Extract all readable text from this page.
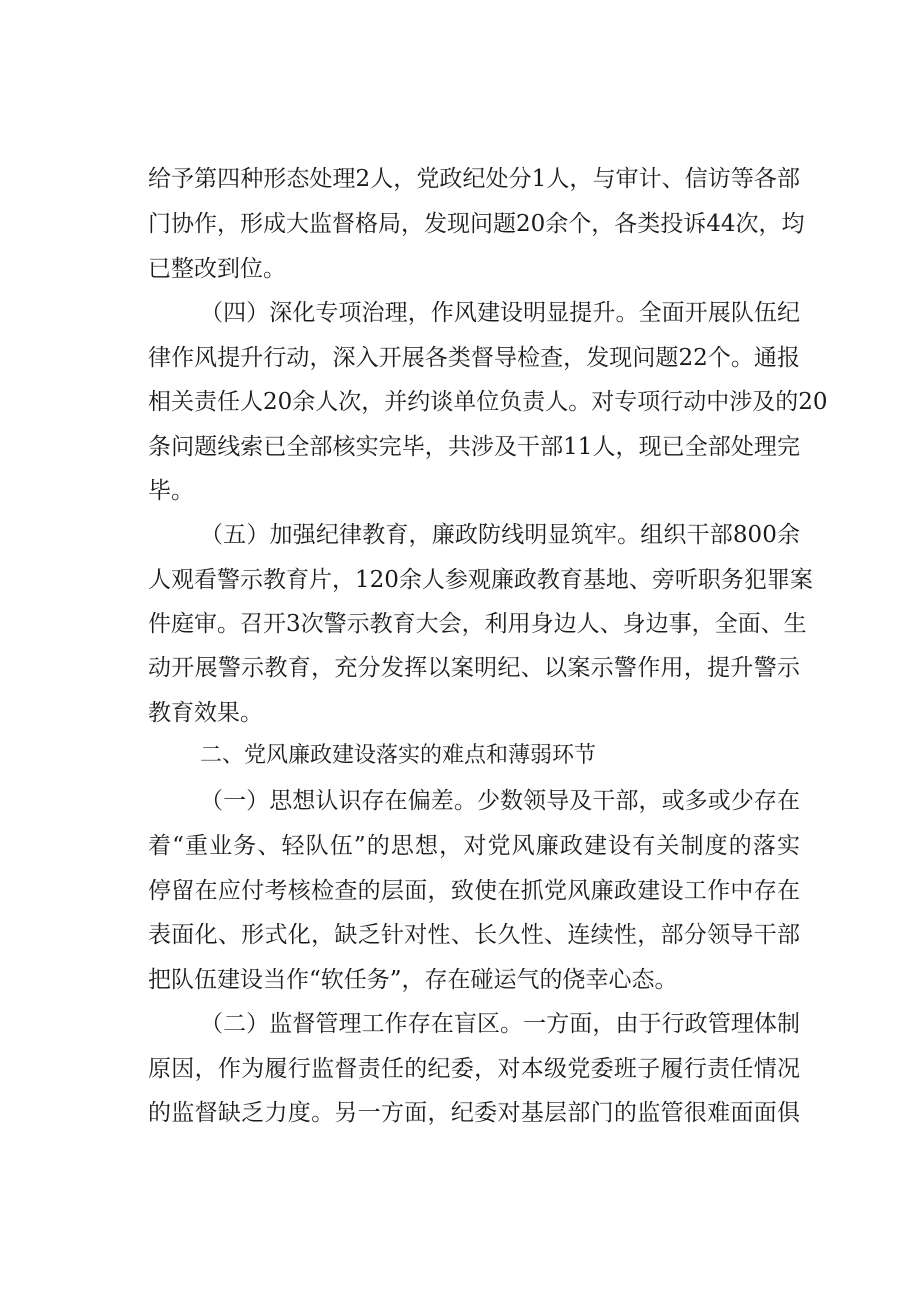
给予第四种形态处理2人，党政纪处分1人，与审计、信访等各部

门协作，形成大监督格局，发现问题20余个，各类投诉44次，均

已整改到位。

（四）深化专项治理，作风建设明显提升。全面开展队伍纪

律作风提升行动，深入开展各类督导检查，发现问题22个。通报

相关责任人20余人次，并约谈单位负责人。对专项行动中涉及的20

条问题线索已全部核实完毕，共涉及干部11人，现已全部处理完

毕。

（五）加强纪律教育，廉政防线明显筑牢。组织干部800余

人观看警示教育片，120余人参观廉政教育基地、旁听职务犯罪案

件庭审。召开3次警示教育大会，利用身边人、身边事，全面、生

动开展警示教育，充分发挥以案明纪、以案示警作用，提升警示

教育效果。

二、党风廉政建设落实的难点和薄弱环节

（一）思想认识存在偏差。少数领导及干部，或多或少存在

着“重业务、轻队伍”的思想，对党风廉政建设有关制度的落实

停留在应付考核检查的层面，致使在抓党风廉政建设工作中存在

表面化、形式化，缺乏针对性、长久性、连续性，部分领导干部

把队伍建设当作“软任务”，存在碰运气的侥幸心态。

（二）监督管理工作存在盲区。一方面，由于行政管理体制

原因，作为履行监督责任的纪委，对本级党委班子履行责任情况

的监督缺乏力度。另一方面，纪委对基层部门的监管很难面面俱
